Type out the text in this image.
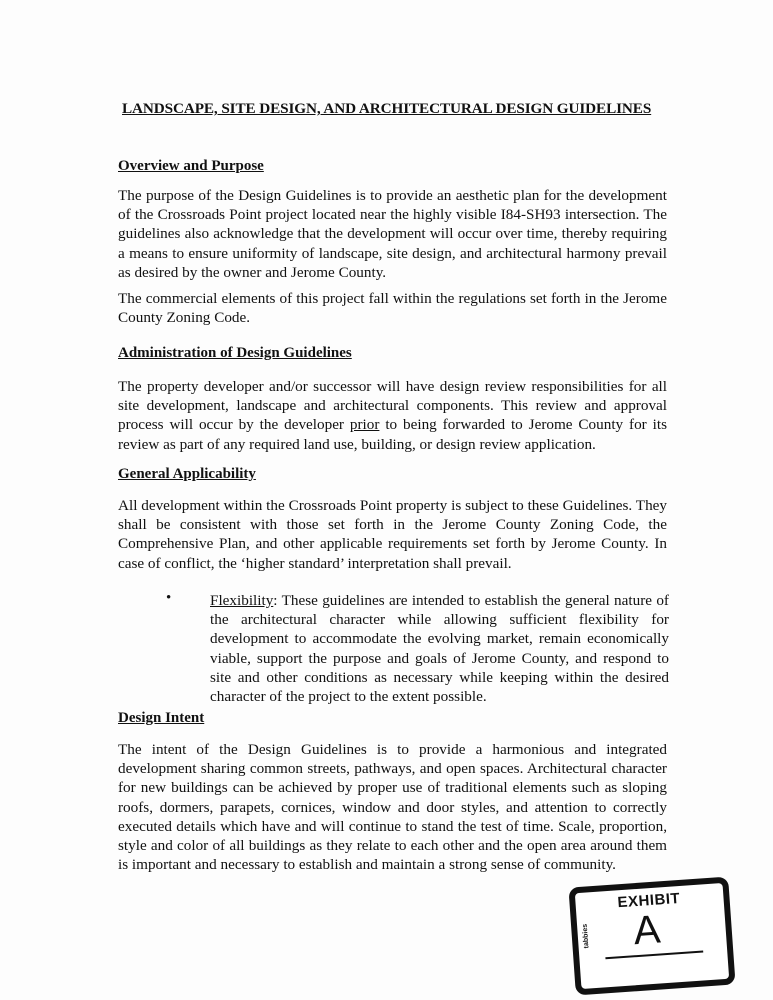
LANDSCAPE, SITE DESIGN, AND ARCHITECTURAL DESIGN GUIDELINES
Overview and Purpose
The purpose of the Design Guidelines is to provide an aesthetic plan for the development of the Crossroads Point project located near the highly visible I84-SH93 intersection. The guidelines also acknowledge that the development will occur over time, thereby requiring a means to ensure uniformity of landscape, site design, and architectural harmony prevail as desired by the owner and Jerome County.
The commercial elements of this project fall within the regulations set forth in the Jerome County Zoning Code.
Administration of Design Guidelines
The property developer and/or successor will have design review responsibilities for all site development, landscape and architectural components. This review and approval process will occur by the developer prior to being forwarded to Jerome County for its review as part of any required land use, building, or design review application.
General Applicability
All development within the Crossroads Point property is subject to these Guidelines. They shall be consistent with those set forth in the Jerome County Zoning Code, the Comprehensive Plan, and other applicable requirements set forth by Jerome County. In case of conflict, the ‘higher standard’ interpretation shall prevail.
•	Flexibility: These guidelines are intended to establish the general nature of the architectural character while allowing sufficient flexibility for development to accommodate the evolving market, remain economically viable, support the purpose and goals of Jerome County, and respond to site and other conditions as necessary while keeping within the desired character of the project to the extent possible.
Design Intent
The intent of the Design Guidelines is to provide a harmonious and integrated development sharing common streets, pathways, and open spaces. Architectural character for new buildings can be achieved by proper use of traditional elements such as sloping roofs, dormers, parapets, cornices, window and door styles, and attention to correctly executed details which have and will continue to stand the test of time. Scale, proportion, style and color of all buildings as they relate to each other and the open area around them is important and necessary to establish and maintain a strong sense of community.
EXHIBIT
tabbies A
